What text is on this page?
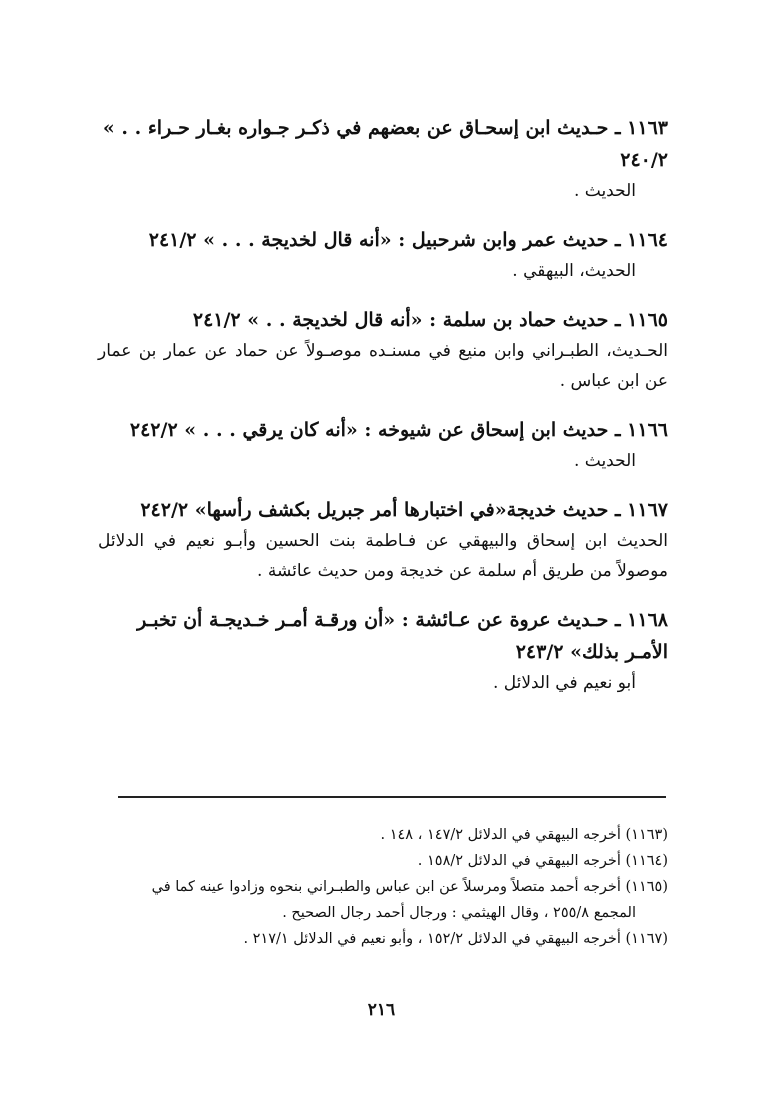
١١٦٣ ـ حـديث ابن إسحـاق عن بعضهم في ذكـر جـواره بغـار حـراء . . » ٢٤٠/٢
الحديث .
١١٦٤ ـ حديث عمر وابن شرحبيل : «أنه قال لخديجة . . . » ٢٤١/٢
الحديث، البيهقي .
١١٦٥ ـ حديث حماد بن سلمة : «أنه قال لخديجة . . » ٢٤١/٢
الحـديث، الطبـراني وابن منيع في مسنـده موصـولاً عن حماد عن عمار بن عمار عن ابن عباس .
١١٦٦ ـ حديث ابن إسحاق عن شيوخه : «أنه كان يرقي . . . » ٢٤٢/٢
الحديث .
١١٦٧ ـ حديث خديجة«في اختبارها أمر جبريل بكشف رأسها» ٢٤٢/٢
الحديث ابن إسحاق والبيهقي عن فـاطمة بنت الحسين وأبـو نعيم في الدلائل موصولاً من طريق أم سلمة عن خديجة ومن حديث عائشة .
١١٦٨ ـ حـديث عروة عن عـائشة : «أن ورقـة أمـر خـديجـة أن تخبـر الأمـر بذلك» ٢٤٣/٢
أبو نعيم في الدلائل .
(١١٦٣) أخرجه البيهقي في الدلائل ١٤٧/٢ ، ١٤٨ .
(١١٦٤) أخرجه البيهقي في الدلائل ١٥٨/٢ .
(١١٦٥) أخرجه أحمد متصلاً ومرسلاً عن ابن عباس والطبـراني بنحوه وزادوا عينه كما في
المجمع ٢٥٥/٨ ، وقال الهيثمي : ورجال أحمد رجال الصحيح .
(١١٦٧) أخرجه البيهقي في الدلائل ١٥٢/٢ ، وأبو نعيم في الدلائل ٢١٧/١ .
٢١٦
